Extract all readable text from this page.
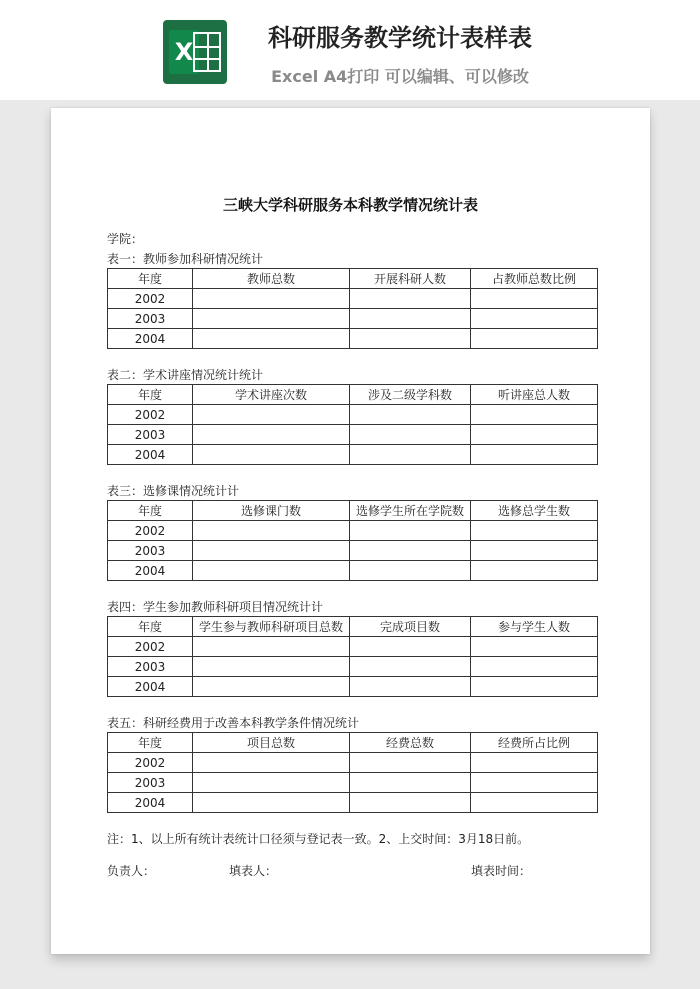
X	科研服务教学统计表样表
Excel A4打印 可以编辑、可以修改
三峡大学科研服务本科教学情况统计表
学院：
表一：教师参加科研情况统计
年度	教师总数	开展科研人数	占教师总数比例
2002			
2003			
2004			
表二：学术讲座情况统计统计
年度	学术讲座次数	涉及二级学科数	听讲座总人数
2002			
2003			
2004			
表三：选修课情况统计计
年度	选修课门数	选修学生所在学院数	选修总学生数
2002			
2003			
2004			
表四：学生参加教师科研项目情况统计计
年度	学生参与教师科研项目总数	完成项目数	参与学生人数
2002			
2003			
2004			
表五：科研经费用于改善本科教学条件情况统计
年度	项目总数	经费总数	经费所占比例
2002			
2003			
2004			
注：1、以上所有统计表统计口径须与登记表一致。2、上交时间：3月18日前。
负责人：	填表人：	填表时间：
